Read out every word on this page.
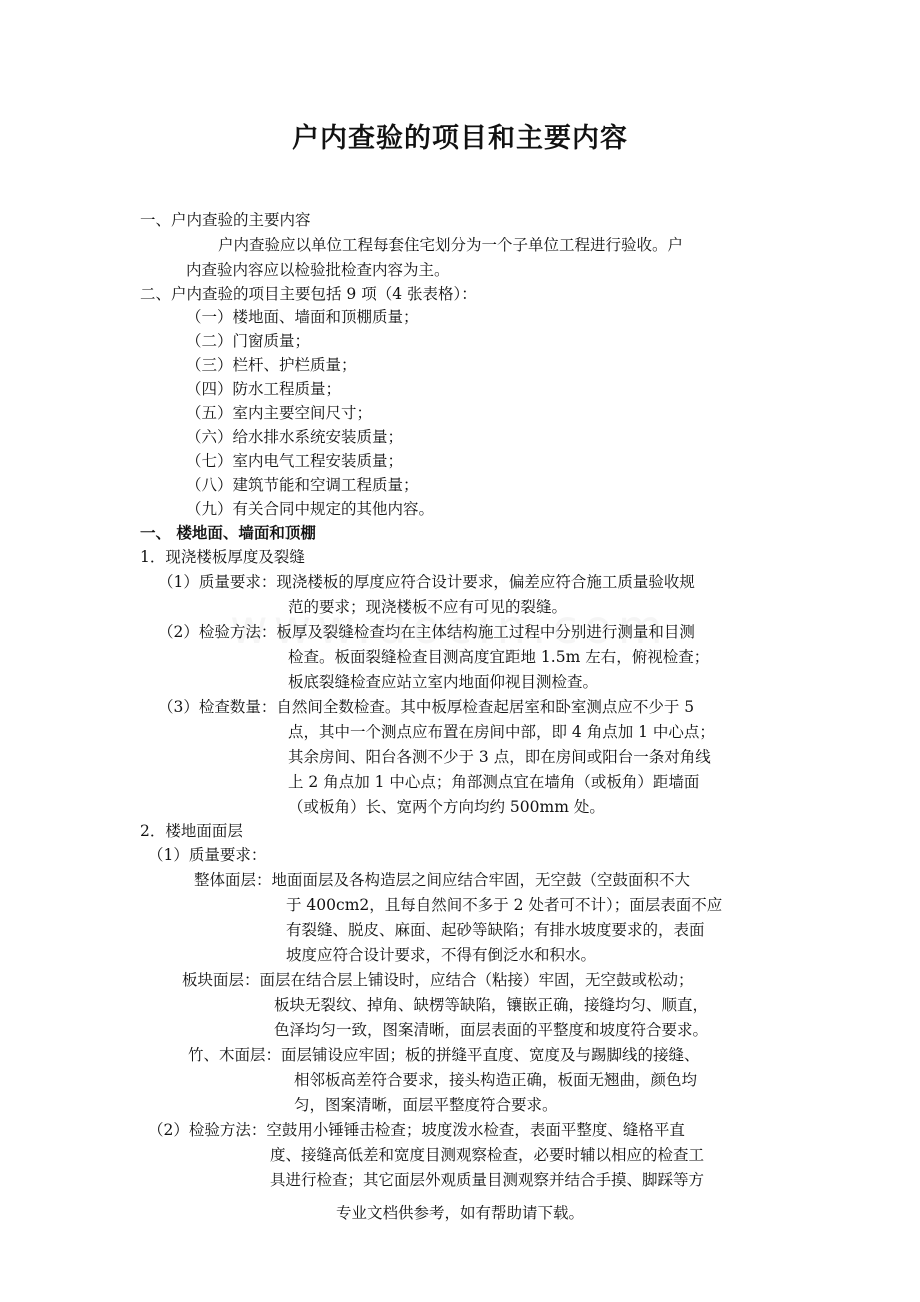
户内查验的项目和主要内容
一、户内查验的主要内容
户内查验应以单位工程每套住宅划分为一个子单位工程进行验收。户
内查验内容应以检验批检查内容为主。
二、户内查验的项目主要包括 9 项（4 张表格）：
（一）楼地面、墙面和顶棚质量；
（二）门窗质量；
（三）栏杆、护栏质量；
（四）防水工程质量；
（五）室内主要空间尺寸；
（六）给水排水系统安装质量；
（七）室内电气工程安装质量；
（八）建筑节能和空调工程质量；
（九）有关合同中规定的其他内容。
一、 楼地面、墙面和顶棚
1．现浇楼板厚度及裂缝
（1）质量要求：现浇楼板的厚度应符合设计要求，偏差应符合施工质量验收规
范的要求；现浇楼板不应有可见的裂缝。
（2）检验方法：板厚及裂缝检查均在主体结构施工过程中分别进行测量和目测
检查。板面裂缝检查目测高度宜距地 1.5m 左右，俯视检查；
板底裂缝检查应站立室内地面仰视目测检查。
（3）检查数量：自然间全数检查。其中板厚检查起居室和卧室测点应不少于 5
点，其中一个测点应布置在房间中部，即 4 角点加 1 中心点；
其余房间、阳台各测不少于 3 点，即在房间或阳台一条对角线
上 2 角点加 1 中心点；角部测点宜在墙角（或板角）距墙面
（或板角）长、宽两个方向均约 500mm 处。
2．楼地面面层
（1）质量要求：
整体面层：地面面层及各构造层之间应结合牢固，无空鼓（空鼓面积不大
于 400cm2，且每自然间不多于 2 处者可不计）；面层表面不应
有裂缝、脱皮、麻面、起砂等缺陷；有排水坡度要求的，表面
坡度应符合设计要求，不得有倒泛水和积水。
板块面层：面层在结合层上铺设时，应结合（粘接）牢固，无空鼓或松动；
板块无裂纹、掉角、缺楞等缺陷，镶嵌正确，接缝均匀、顺直，
色泽均匀一致，图案清晰，面层表面的平整度和坡度符合要求。
竹、木面层：面层铺设应牢固；板的拼缝平直度、宽度及与踢脚线的接缝、
相邻板高差符合要求，接头构造正确，板面无翘曲，颜色均
匀，图案清晰，面层平整度符合要求。
（2）检验方法：空鼓用小锤锤击检查；坡度泼水检查，表面平整度、缝格平直
度、接缝高低差和宽度目测观察检查，必要时辅以相应的检查工
具进行检查；其它面层外观质量目测观察并结合手摸、脚踩等方
专业文档供参考，如有帮助请下载。
